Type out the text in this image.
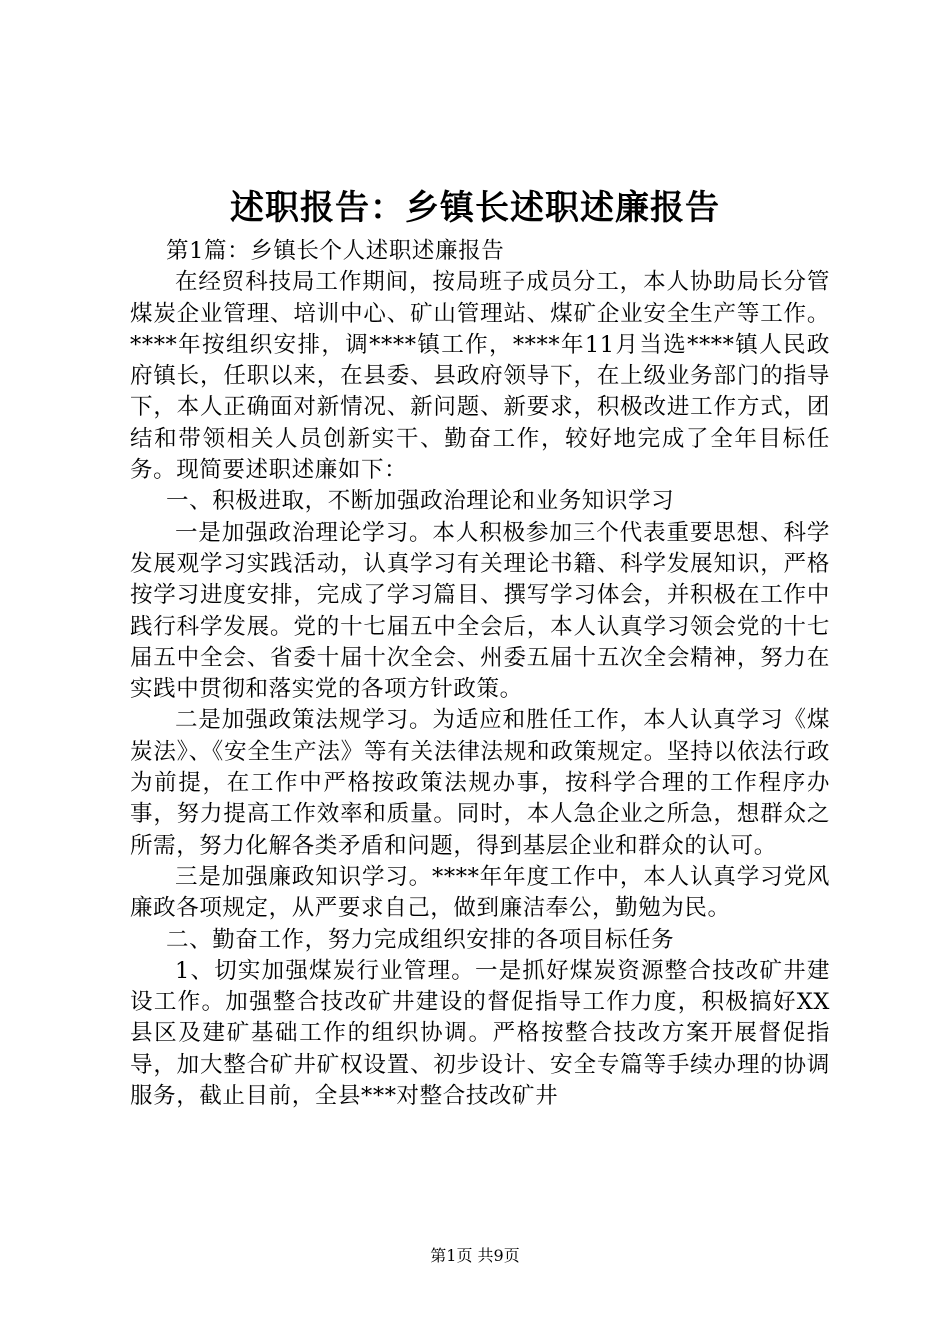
述职报告：乡镇长述职述廉报告

第1篇：乡镇长个人述职述廉报告

在经贸科技局工作期间，按局班子成员分工，本人协助局长分管煤炭企业管理、培训中心、矿山管理站、煤矿企业安全生产等工作。****年按组织安排，调****镇工作，****年11月当选****镇人民政府镇长，任职以来，在县委、县政府领导下，在上级业务部门的指导下，本人正确面对新情况、新问题、新要求，积极改进工作方式，团结和带领相关人员创新实干、勤奋工作，较好地完成了全年目标任务。现简要述职述廉如下：

一、积极进取，不断加强政治理论和业务知识学习

一是加强政治理论学习。本人积极参加三个代表重要思想、科学发展观学习实践活动，认真学习有关理论书籍、科学发展知识，严格按学习进度安排，完成了学习篇目、撰写学习体会，并积极在工作中践行科学发展。党的十七届五中全会后，本人认真学习领会党的十七届五中全会、省委十届十次全会、州委五届十五次全会精神，努力在实践中贯彻和落实党的各项方针政策。

二是加强政策法规学习。为适应和胜任工作，本人认真学习《煤炭法》、《安全生产法》等有关法律法规和政策规定。坚持以依法行政为前提，在工作中严格按政策法规办事，按科学合理的工作程序办事，努力提高工作效率和质量。同时，本人急企业之所急，想群众之所需，努力化解各类矛盾和问题，得到基层企业和群众的认可。

三是加强廉政知识学习。****年年度工作中，本人认真学习党风廉政各项规定，从严要求自己，做到廉洁奉公，勤勉为民。

二、勤奋工作，努力完成组织安排的各项目标任务

1、切实加强煤炭行业管理。一是抓好煤炭资源整合技改矿井建设工作。加强整合技改矿井建设的督促指导工作力度，积极搞好XX县区及建矿基础工作的组织协调。严格按整合技改方案开展督促指导，加大整合矿井矿权设置、初步设计、安全专篇等手续办理的协调服务，截止目前，全县***对整合技改矿井

第1页 共9页
